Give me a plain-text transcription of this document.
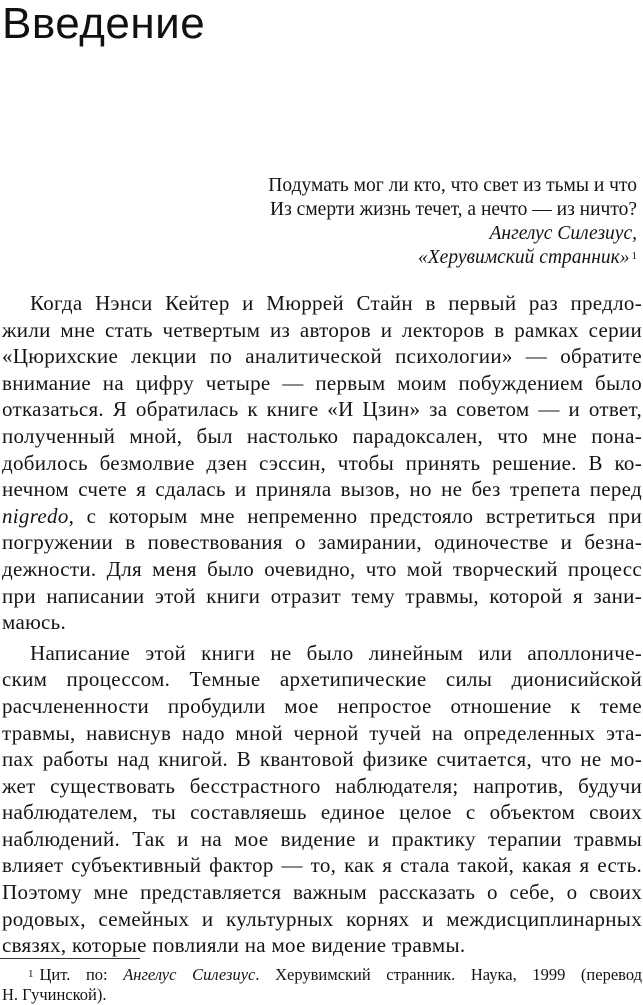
Введение
Подумать мог ли кто, что свет из тьмы и что
Из смерти жизнь течет, а нечто — из ничто?
Ангелус Силезиус,
«Херувимский странник» $^1$
Когда Нэнси Кейтер и Мюррей Стайн в первый раз предло-
жили мне стать четвертым из авторов и лекторов в рамках серии
«Цюрихские лекции по аналитической психологии» — обратите
внимание на цифру четыре — первым моим побуждением было
отказаться. Я обратилась к книге «И Цзин» за советом — и ответ,
полученный мной, был настолько парадоксален, что мне пона-
добилось безмолвие дзен сэссин, чтобы принять решение. В ко-
нечном счете я сдалась и приняла вызов, но не без трепета перед
nigredo, с которым мне непременно предстояло встретиться при
погружении в повествования о замирании, одиночестве и безна-
дежности. Для меня было очевидно, что мой творческий процесс
при написании этой книги отразит тему травмы, которой я зани-
маюсь.
Написание этой книги не было линейным или аполлониче-
ским процессом. Темные архетипические силы дионисийской
расчлененности пробудили мое непростое отношение к теме
травмы, нависнув надо мной черной тучей на определенных эта-
пах работы над книгой. В квантовой физике считается, что не мо-
жет существовать бесстрастного наблюдателя; напротив, будучи
наблюдателем, ты составляешь единое целое с объектом своих
наблюдений. Так и на мое видение и практику терапии травмы
влияет субъективный фактор — то, как я стала такой, какая я есть.
Поэтому мне представляется важным рассказать о себе, о своих
родовых, семейных и культурных корнях и междисциплинарных
связях, которые повлияли на мое видение травмы.
$^1$ Цит. по: Ангелус Силезиус. Херувимский странник. Наука, 1999 (перевод
Н. Гучинской).
